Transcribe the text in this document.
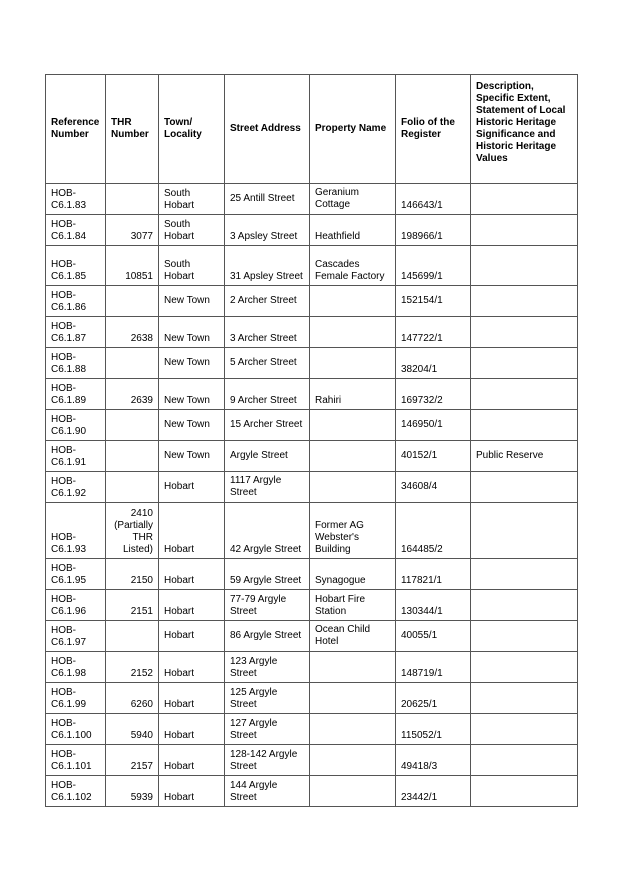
Reference Number	THR Number	Town/ Locality	Street Address	Property Name	Folio of the Register	Description, Specific Extent, Statement of Local Historic Heritage Significance and Historic Heritage Values
HOB-C6.1.83		South Hobart	25 Antill Street	Geranium Cottage	146643/1	
HOB-C6.1.84	3077	South Hobart	3 Apsley Street	Heathfield	198966/1	
HOB-C6.1.85	10851	South Hobart	31 Apsley Street	Cascades Female Factory	145699/1	
HOB-C6.1.86		New Town	2 Archer Street		152154/1	
HOB-C6.1.87	2638	New Town	3 Archer Street		147722/1	
HOB-C6.1.88		New Town	5 Archer Street		38204/1	
HOB-C6.1.89	2639	New Town	9 Archer Street	Rahiri	169732/2	
HOB-C6.1.90		New Town	15 Archer Street		146950/1	
HOB-C6.1.91		New Town	Argyle Street		40152/1	Public Reserve
HOB-C6.1.92		Hobart	1117 Argyle Street		34608/4	
HOB-C6.1.93	2410 (Partially THR Listed)	Hobart	42 Argyle Street	Former AG Webster's Building	164485/2	
HOB-C6.1.95	2150	Hobart	59 Argyle Street	Synagogue	117821/1	
HOB-C6.1.96	2151	Hobart	77-79 Argyle Street	Hobart Fire Station	130344/1	
HOB-C6.1.97		Hobart	86 Argyle Street	Ocean Child Hotel	40055/1	
HOB-C6.1.98	2152	Hobart	123 Argyle Street		148719/1	
HOB-C6.1.99	6260	Hobart	125 Argyle Street		20625/1	
HOB-C6.1.100	5940	Hobart	127 Argyle Street		115052/1	
HOB-C6.1.101	2157	Hobart	128-142 Argyle Street		49418/3	
HOB-C6.1.102	5939	Hobart	144 Argyle Street		23442/1	
